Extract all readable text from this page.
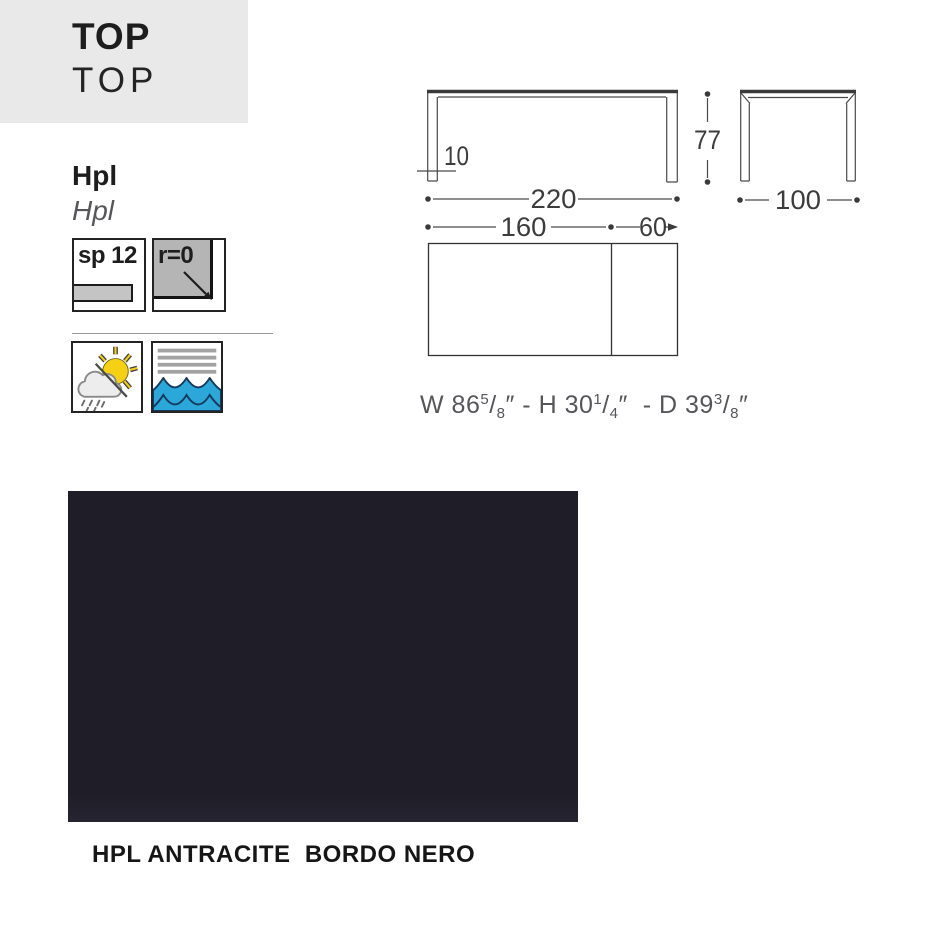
TOP
TOP
Hpl
Hpl
sp 12 r=0
10
77
220
160	60
100
W $86^5/_8''$ - H $30^1/_4''$  - D $39^3/_8''$
HPL ANTRACITE  BORDO NERO
